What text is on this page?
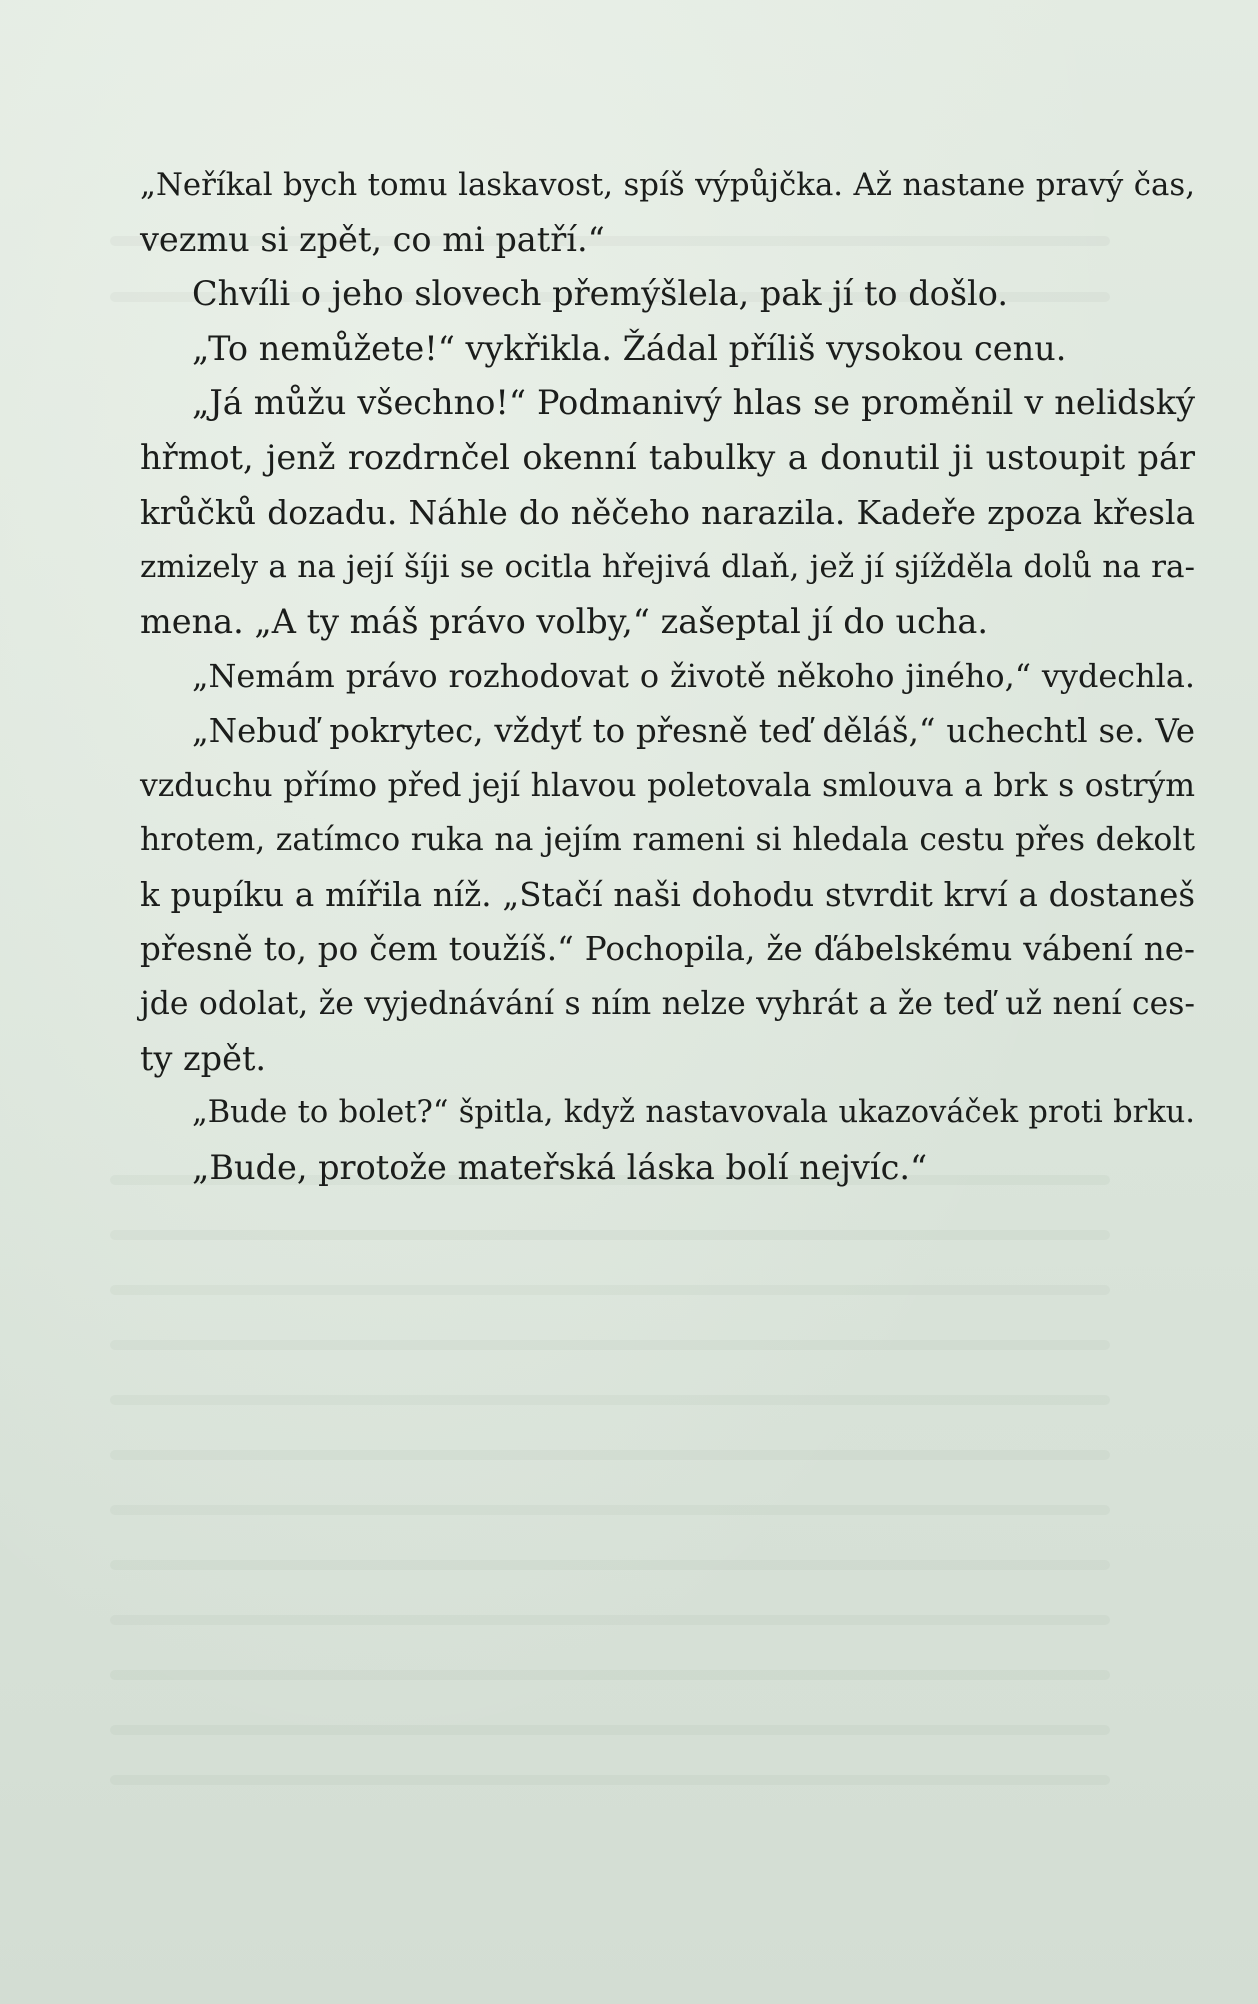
„Neříkal bych tomu laskavost, spíš výpůjčka. Až nastane pravý čas,
vezmu si zpět, co mi patří.“
Chvíli o jeho slovech přemýšlela, pak jí to došlo.
„To nemůžete!“ vykřikla. Žádal příliš vysokou cenu.
„Já můžu všechno!“ Podmanivý hlas se proměnil v nelidský
hřmot, jenž rozdrnčel okenní tabulky a donutil ji ustoupit pár
krůčků dozadu. Náhle do něčeho narazila. Kadeře zpoza křesla
zmizely a na její šíji se ocitla hřejivá dlaň, jež jí sjížděla dolů na ra-
mena. „A ty máš právo volby,“ zašeptal jí do ucha.
„Nemám právo rozhodovat o životě někoho jiného,“ vydechla.
„Nebuď pokrytec, vždyť to přesně teď děláš,“ uchechtl se. Ve
vzduchu přímo před její hlavou poletovala smlouva a brk s ostrým
hrotem, zatímco ruka na jejím rameni si hledala cestu přes dekolt
k pupíku a mířila níž. „Stačí naši dohodu stvrdit krví a dostaneš
přesně to, po čem toužíš.“ Pochopila, že ďábelskému vábení ne-
jde odolat, že vyjednávání s ním nelze vyhrát a že teď už není ces-
ty zpět.
„Bude to bolet?“ špitla, když nastavovala ukazováček proti brku.
„Bude, protože mateřská láska bolí nejvíc.“
